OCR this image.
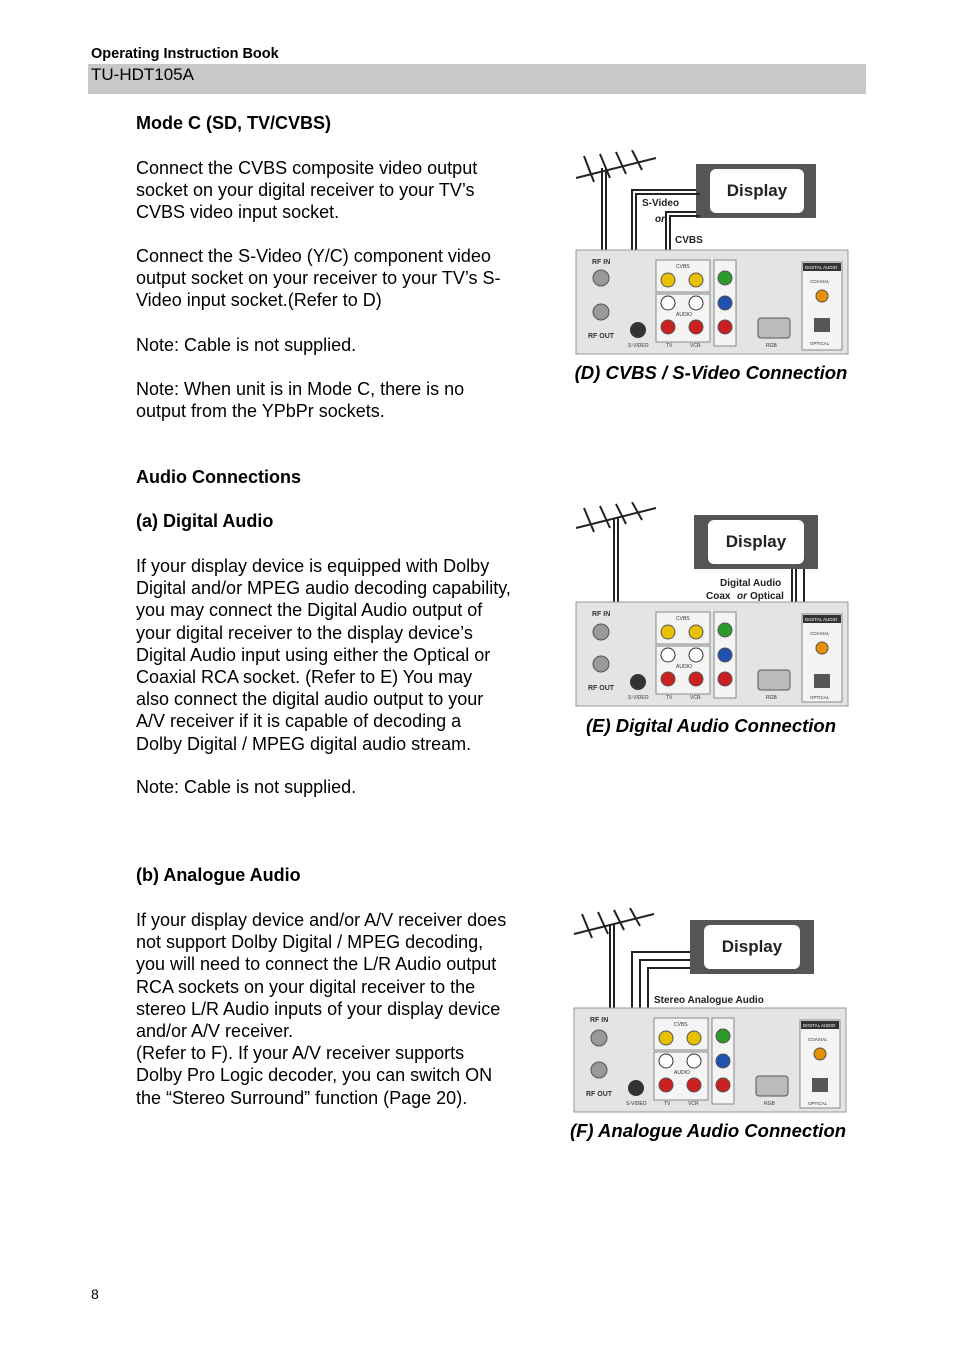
Operating Instruction Book
TU-HDT105A
Mode C (SD, TV/CVBS)
Connect the CVBS composite video output
socket on your digital receiver to your TV’s
CVBS video input socket.
Connect the S-Video (Y/C) component video
output socket on your receiver to your TV’s S-
Video input socket.(Refer to D)
Note: Cable is not supplied.
Note: When unit is in Mode C, there is no
output from the YPbPr sockets.
Audio Connections
(a) Digital Audio
If your display device is equipped with Dolby
Digital and/or MPEG audio decoding capability,
you may connect the Digital Audio output of
your digital receiver to the display device’s
Digital Audio input using either the Optical or
Coaxial RCA socket. (Refer to E) You may
also connect the digital audio output to your
A/V receiver if it is capable of decoding a
Dolby Digital / MPEG digital audio stream.
Note: Cable is not supplied.
(b) Analogue Audio
If your display device and/or A/V receiver does
not support Dolby Digital / MPEG decoding,
you will need to connect the L/R Audio output
RCA sockets on your digital receiver to the
stereo L/R Audio inputs of your display device
and/or A/V receiver.
(Refer to F). If your A/V receiver supports
Dolby Pro Logic decoder, you can switch ON
the “Stereo Surround” function (Page 20).
Display
S-Video
or
CVBS
RF IN
RF OUT
S-VIDEO
CVBS
AUDIO
TV	VCR	RGB
DIGITAL AUDIO
COAXIAL
OPTICAL
(D) CVBS / S-Video Connection
Display
Digital Audio
Coax or Optical
RF IN
RF OUT
S-VIDEO
CVBS
AUDIO
TV	VCR	RGB
DIGITAL AUDIO
COAXIAL
OPTICAL
(E) Digital Audio Connection
Display
Stereo Analogue Audio
RF IN
RF OUT
S-VIDEO
CVBS
AUDIO
TV	VCR	RGB
DIGITAL AUDIO
COAXIAL
OPTICAL
(F) Analogue Audio Connection
8
